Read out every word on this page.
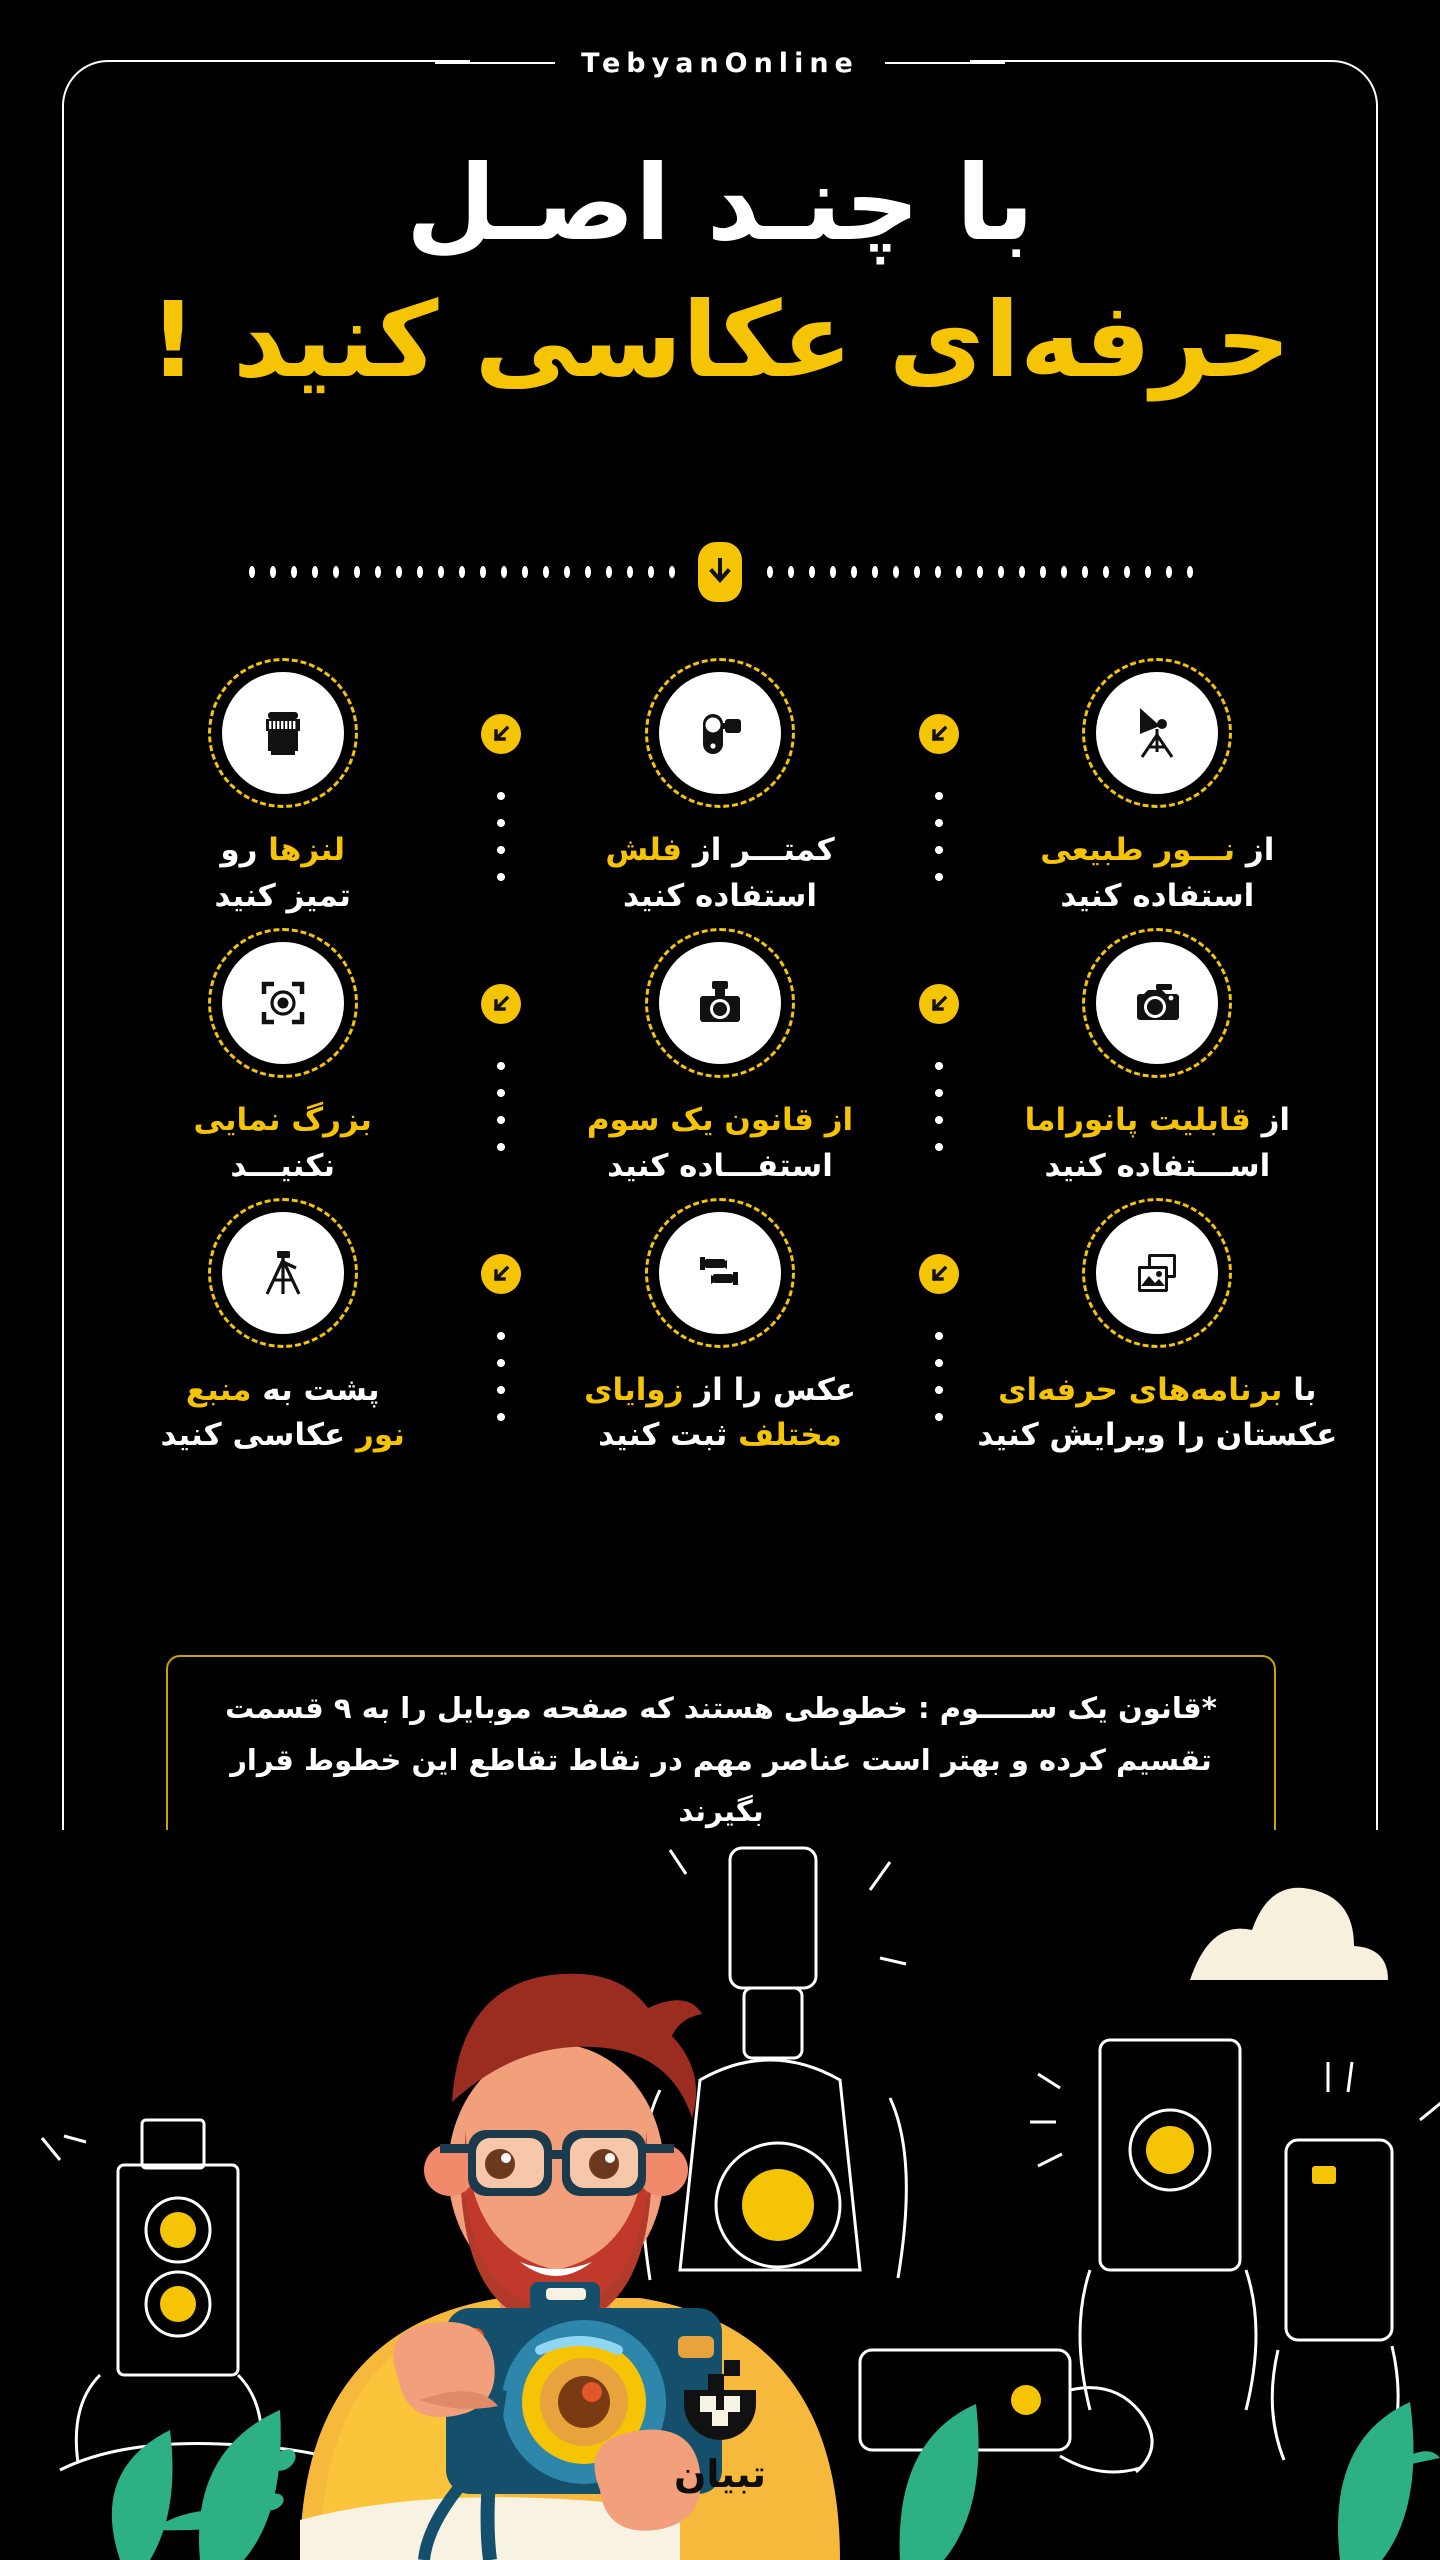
TebyanOnline
با چنـد اصـل
حرفه‌ای عکاسی کنید !
از نـــور طبیعی
استفاده کنید
کمتـــر از فلش
استفاده کنید
لنزها رو
تمیز کنید
از قابلیت پانوراما
اســـتفاده کنید
از قانون یک سوم
استفـــاده کنید
بزرگ نمایی
نکنیـــد
با برنامه‌های حرفه‌ای
عکستان را ویرایش کنید
عکس را از زوایای
مختلف ثبت کنید
پشت به منبع
نور عکاسی کنید

*قانون یک ســـــوم : خطوطی هستند که صفحه موبایل را به ۹ قسمت تقسیم کرده و بهتر است عناصر مهم در نقاط تقاطع این خطوط قرار بگیرند

تبیان
